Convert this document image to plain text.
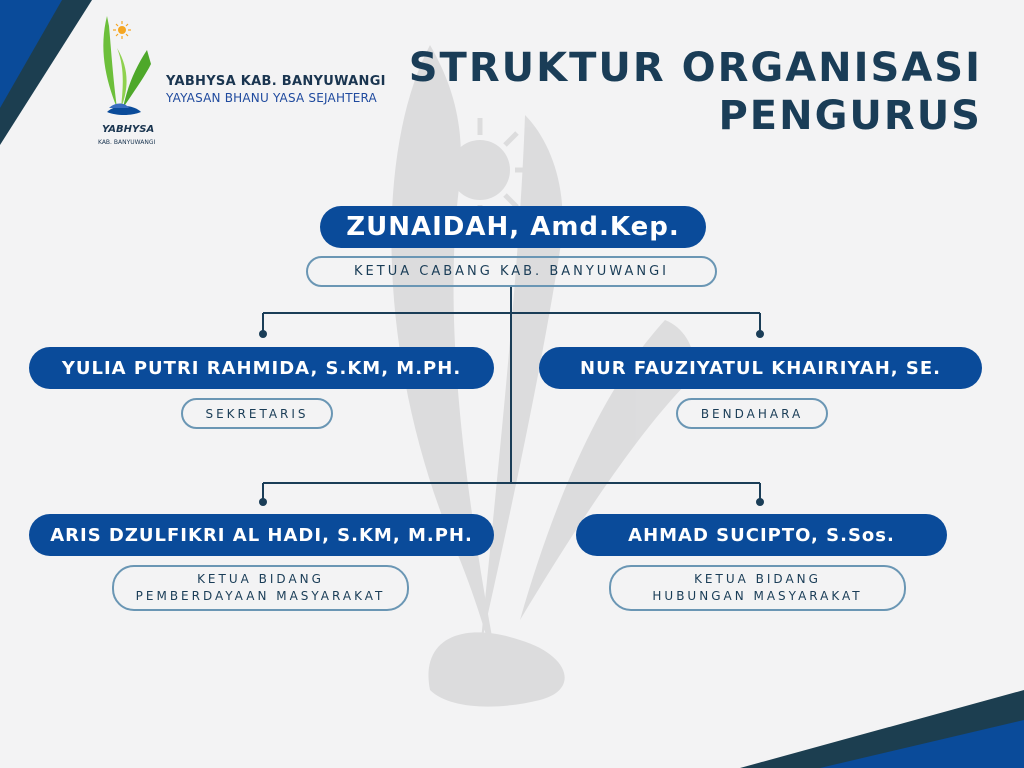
YABHYSA
KAB. BANYUWANGI
YABHYSA KAB. BANYUWANGI
YAYASAN BHANU YASA SEJAHTERA
STRUKTUR ORGANISASI
PENGURUS
ZUNAIDAH, Amd.Kep.
KETUA CABANG KAB. BANYUWANGI
YULIA PUTRI RAHMIDA, S.KM, M.PH.
SEKRETARIS
NUR FAUZIYATUL KHAIRIYAH, SE.
BENDAHARA
ARIS DZULFIKRI AL HADI, S.KM, M.PH.
KETUA BIDANG
PEMBERDAYAAN MASYARAKAT
AHMAD SUCIPTO, S.Sos.
KETUA BIDANG
HUBUNGAN MASYARAKAT
